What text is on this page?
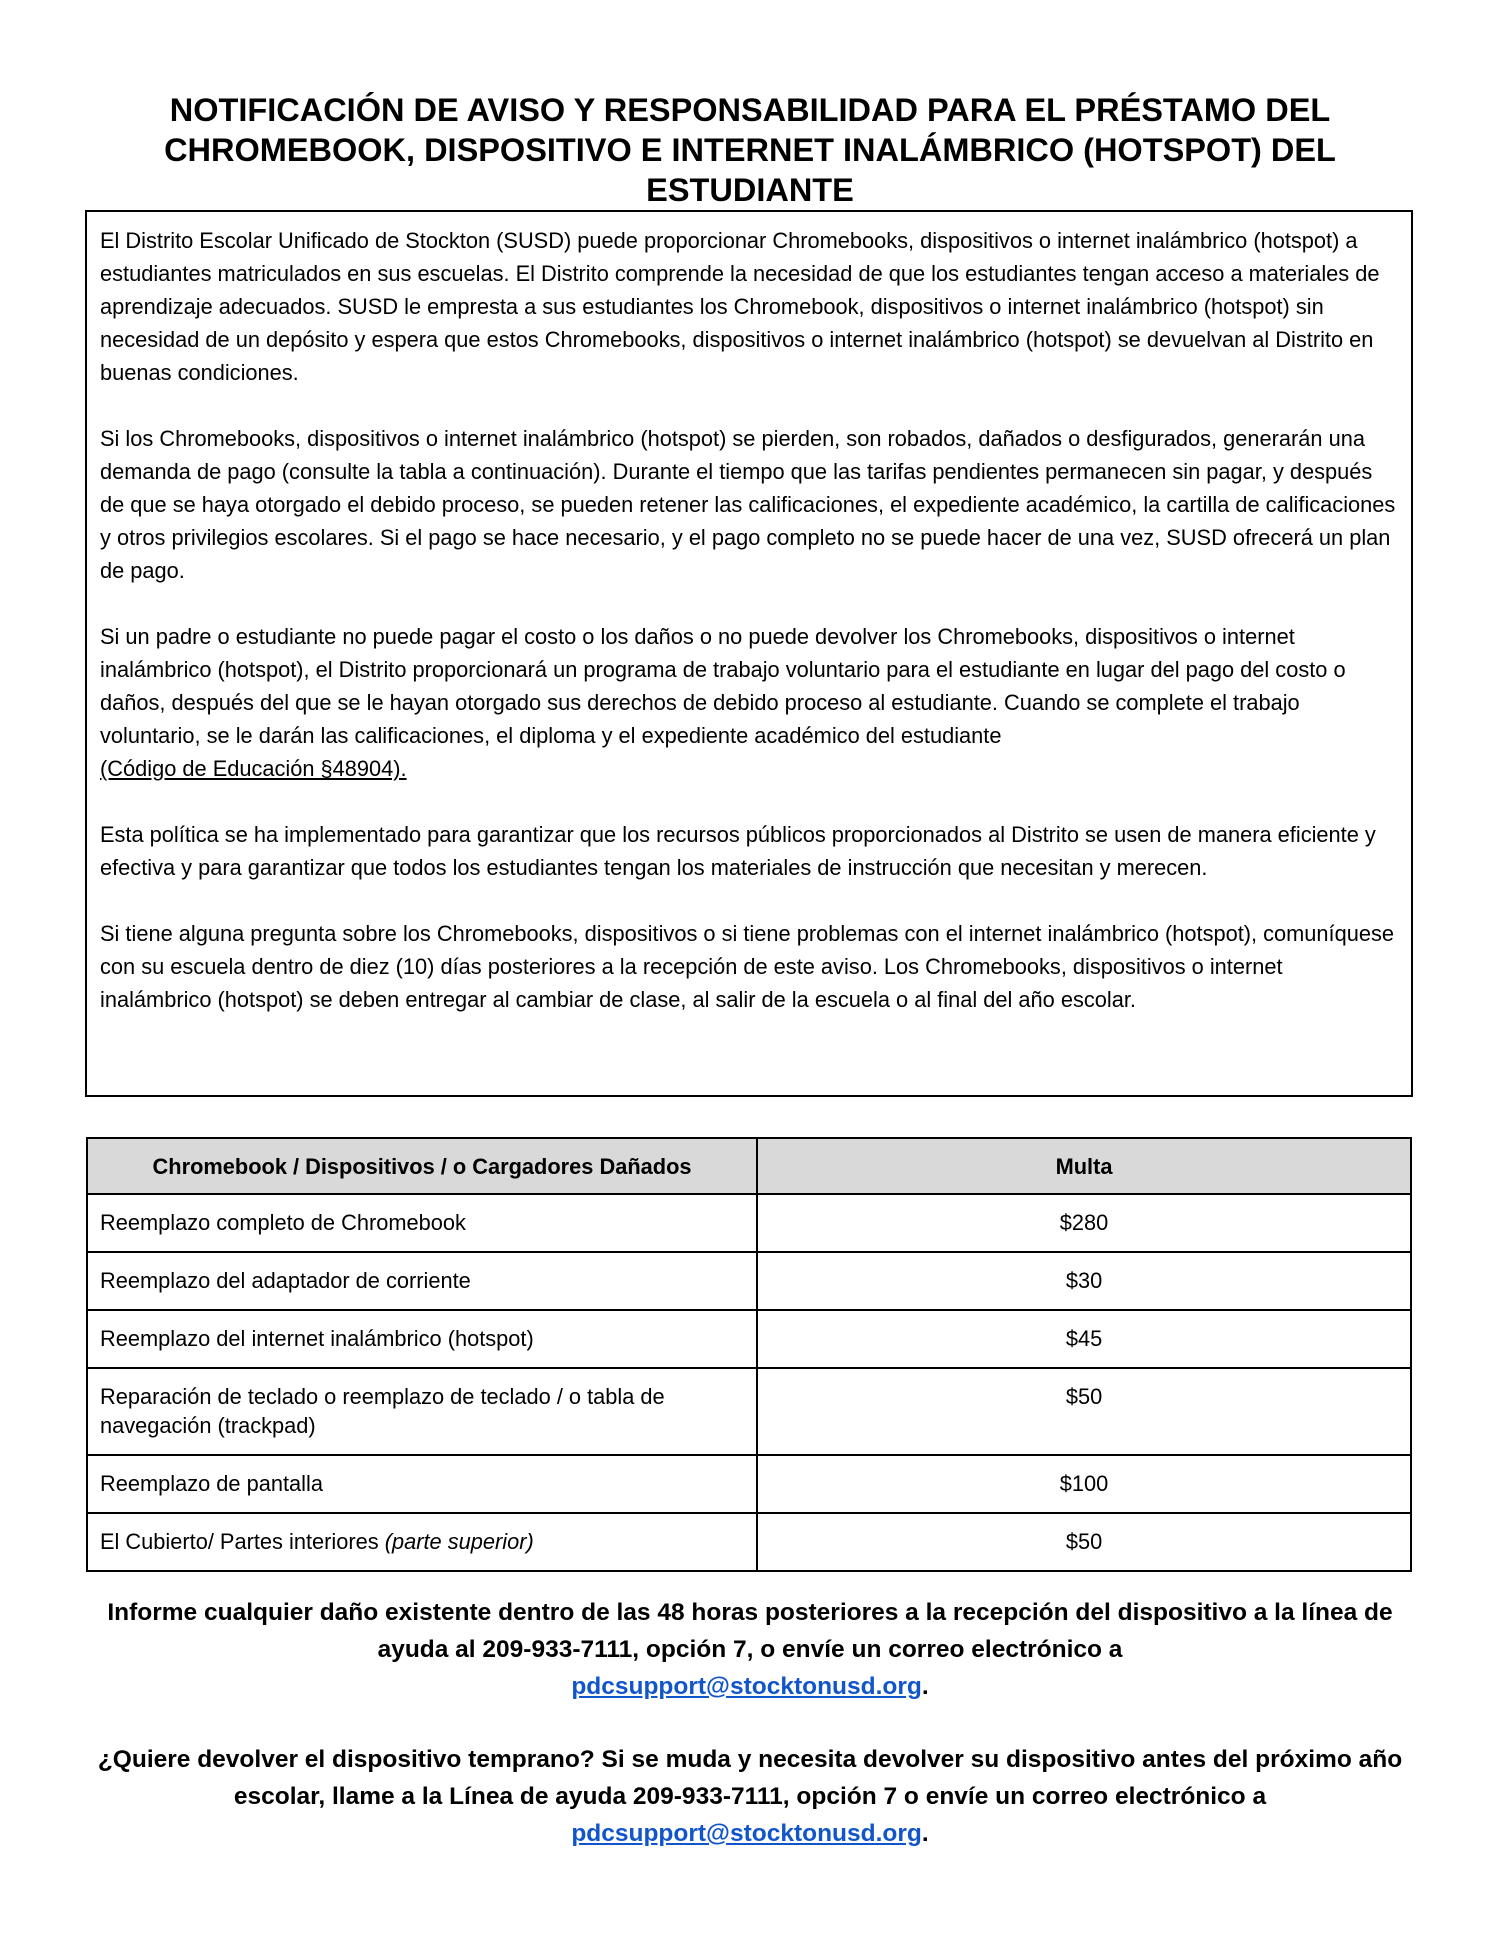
NOTIFICACIÓN DE AVISO Y RESPONSABILIDAD PARA EL PRÉSTAMO DEL
CHROMEBOOK, DISPOSITIVO E INTERNET INALÁMBRICO (HOTSPOT) DEL
ESTUDIANTE

El Distrito Escolar Unificado de Stockton (SUSD) puede proporcionar Chromebooks, dispositivos o internet inalámbrico (hotspot) a estudiantes matriculados en sus escuelas. El Distrito comprende la necesidad de que los estudiantes tengan acceso a materiales de aprendizaje adecuados. SUSD le empresta a sus estudiantes los Chromebook, dispositivos o internet inalámbrico (hotspot) sin necesidad de un depósito y espera que estos Chromebooks, dispositivos o internet inalámbrico (hotspot) se devuelvan al Distrito en buenas condiciones.

Si los Chromebooks, dispositivos o internet inalámbrico (hotspot) se pierden, son robados, dañados o desfigurados, generarán una demanda de pago (consulte la tabla a continuación). Durante el tiempo que las tarifas pendientes permanecen sin pagar, y después de que se haya otorgado el debido proceso, se pueden retener las calificaciones, el expediente académico, la cartilla de calificaciones y otros privilegios escolares. Si el pago se hace necesario, y el pago completo no se puede hacer de una vez, SUSD ofrecerá un plan de pago.

Si un padre o estudiante no puede pagar el costo o los daños o no puede devolver los Chromebooks, dispositivos o internet inalámbrico (hotspot), el Distrito proporcionará un programa de trabajo voluntario para el estudiante en lugar del pago del costo o daños, después del que se le hayan otorgado sus derechos de debido proceso al estudiante. Cuando se complete el trabajo voluntario, se le darán las calificaciones, el diploma y el expediente académico del estudiante
(Código de Educación §48904).

Esta política se ha implementado para garantizar que los recursos públicos proporcionados al Distrito se usen de manera eficiente y efectiva y para garantizar que todos los estudiantes tengan los materiales de instrucción que necesitan y merecen.

Si tiene alguna pregunta sobre los Chromebooks, dispositivos o si tiene problemas con el internet inalámbrico (hotspot), comuníquese con su escuela dentro de diez (10) días posteriores a la recepción de este aviso. Los Chromebooks, dispositivos o internet inalámbrico (hotspot) se deben entregar al cambiar de clase, al salir de la escuela o al final del año escolar.

Chromebook / Dispositivos / o Cargadores Dañados	Multa
Reemplazo completo de Chromebook	$280
Reemplazo del adaptador de corriente	$30
Reemplazo del internet inalámbrico (hotspot)	$45
Reparación de teclado o reemplazo de teclado / o tabla de navegación (trackpad)	$50
Reemplazo de pantalla	$100
El Cubierto/ Partes interiores (parte superior)	$50

Informe cualquier daño existente dentro de las 48 horas posteriores a la recepción del dispositivo a la línea de ayuda al 209-933-7111, opción 7, o envíe un correo electrónico a
pdcsupport@stocktonusd.org.

¿Quiere devolver el dispositivo temprano? Si se muda y necesita devolver su dispositivo antes del próximo año escolar, llame a la Línea de ayuda 209-933-7111, opción 7 o envíe un correo electrónico a
pdcsupport@stocktonusd.org.
